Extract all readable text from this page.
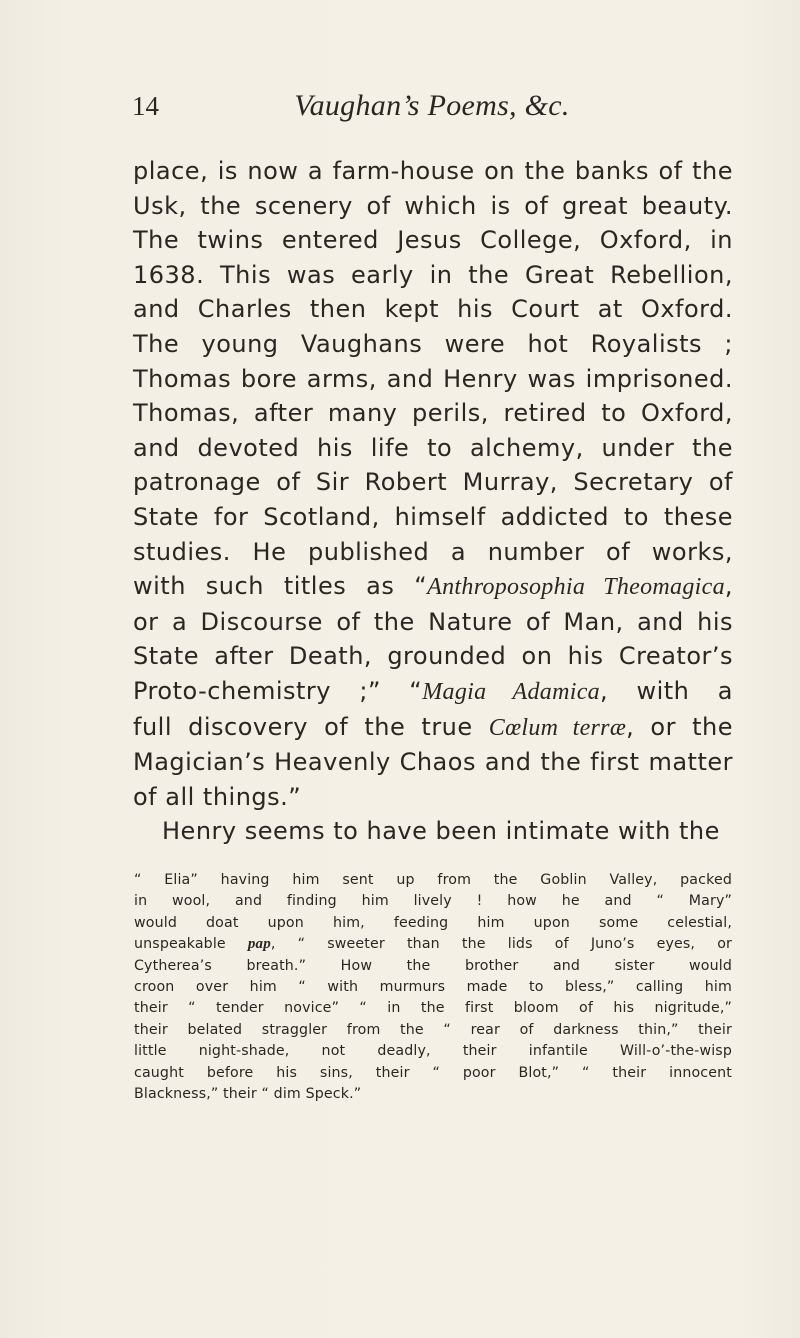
14	Vaughan’s Poems, &c.
place, is now a farm-house on the banks of the
Usk, the scenery of which is of great beauty.
The twins entered Jesus College, Oxford, in
1638. This was early in the Great Rebellion,
and Charles then kept his Court at Oxford.
The young Vaughans were hot Royalists ;
Thomas bore arms, and Henry was imprisoned.
Thomas, after many perils, retired to Oxford,
and devoted his life to alchemy, under the
patronage of Sir Robert Murray, Secretary of
State for Scotland, himself addicted to these
studies. He published a number of works,
with such titles as “Anthroposophia Theomagica,
or a Discourse of the Nature of Man, and his
State after Death, grounded on his Creator’s
Proto-chemistry ;” “Magia Adamica, with a
full discovery of the true Cœlum terræ, or the
Magician’s Heavenly Chaos and the first matter
of all things.”
Henry seems to have been intimate with the
“ Elia” having him sent up from the Goblin Valley, packed
in wool, and finding him lively ! how he and “ Mary”
would doat upon him, feeding him upon some celestial,
unspeakable pap, “ sweeter than the lids of Juno’s eyes, or
Cytherea’s breath.” How the brother and sister would
croon over him “ with murmurs made to bless,” calling him
their “ tender novice” “ in the first bloom of his nigritude,”
their belated straggler from the “ rear of darkness thin,” their
little night-shade, not deadly, their infantile Will-o’-the-wisp
caught before his sins, their “ poor Blot,” “ their innocent
Blackness,” their “ dim Speck.”
